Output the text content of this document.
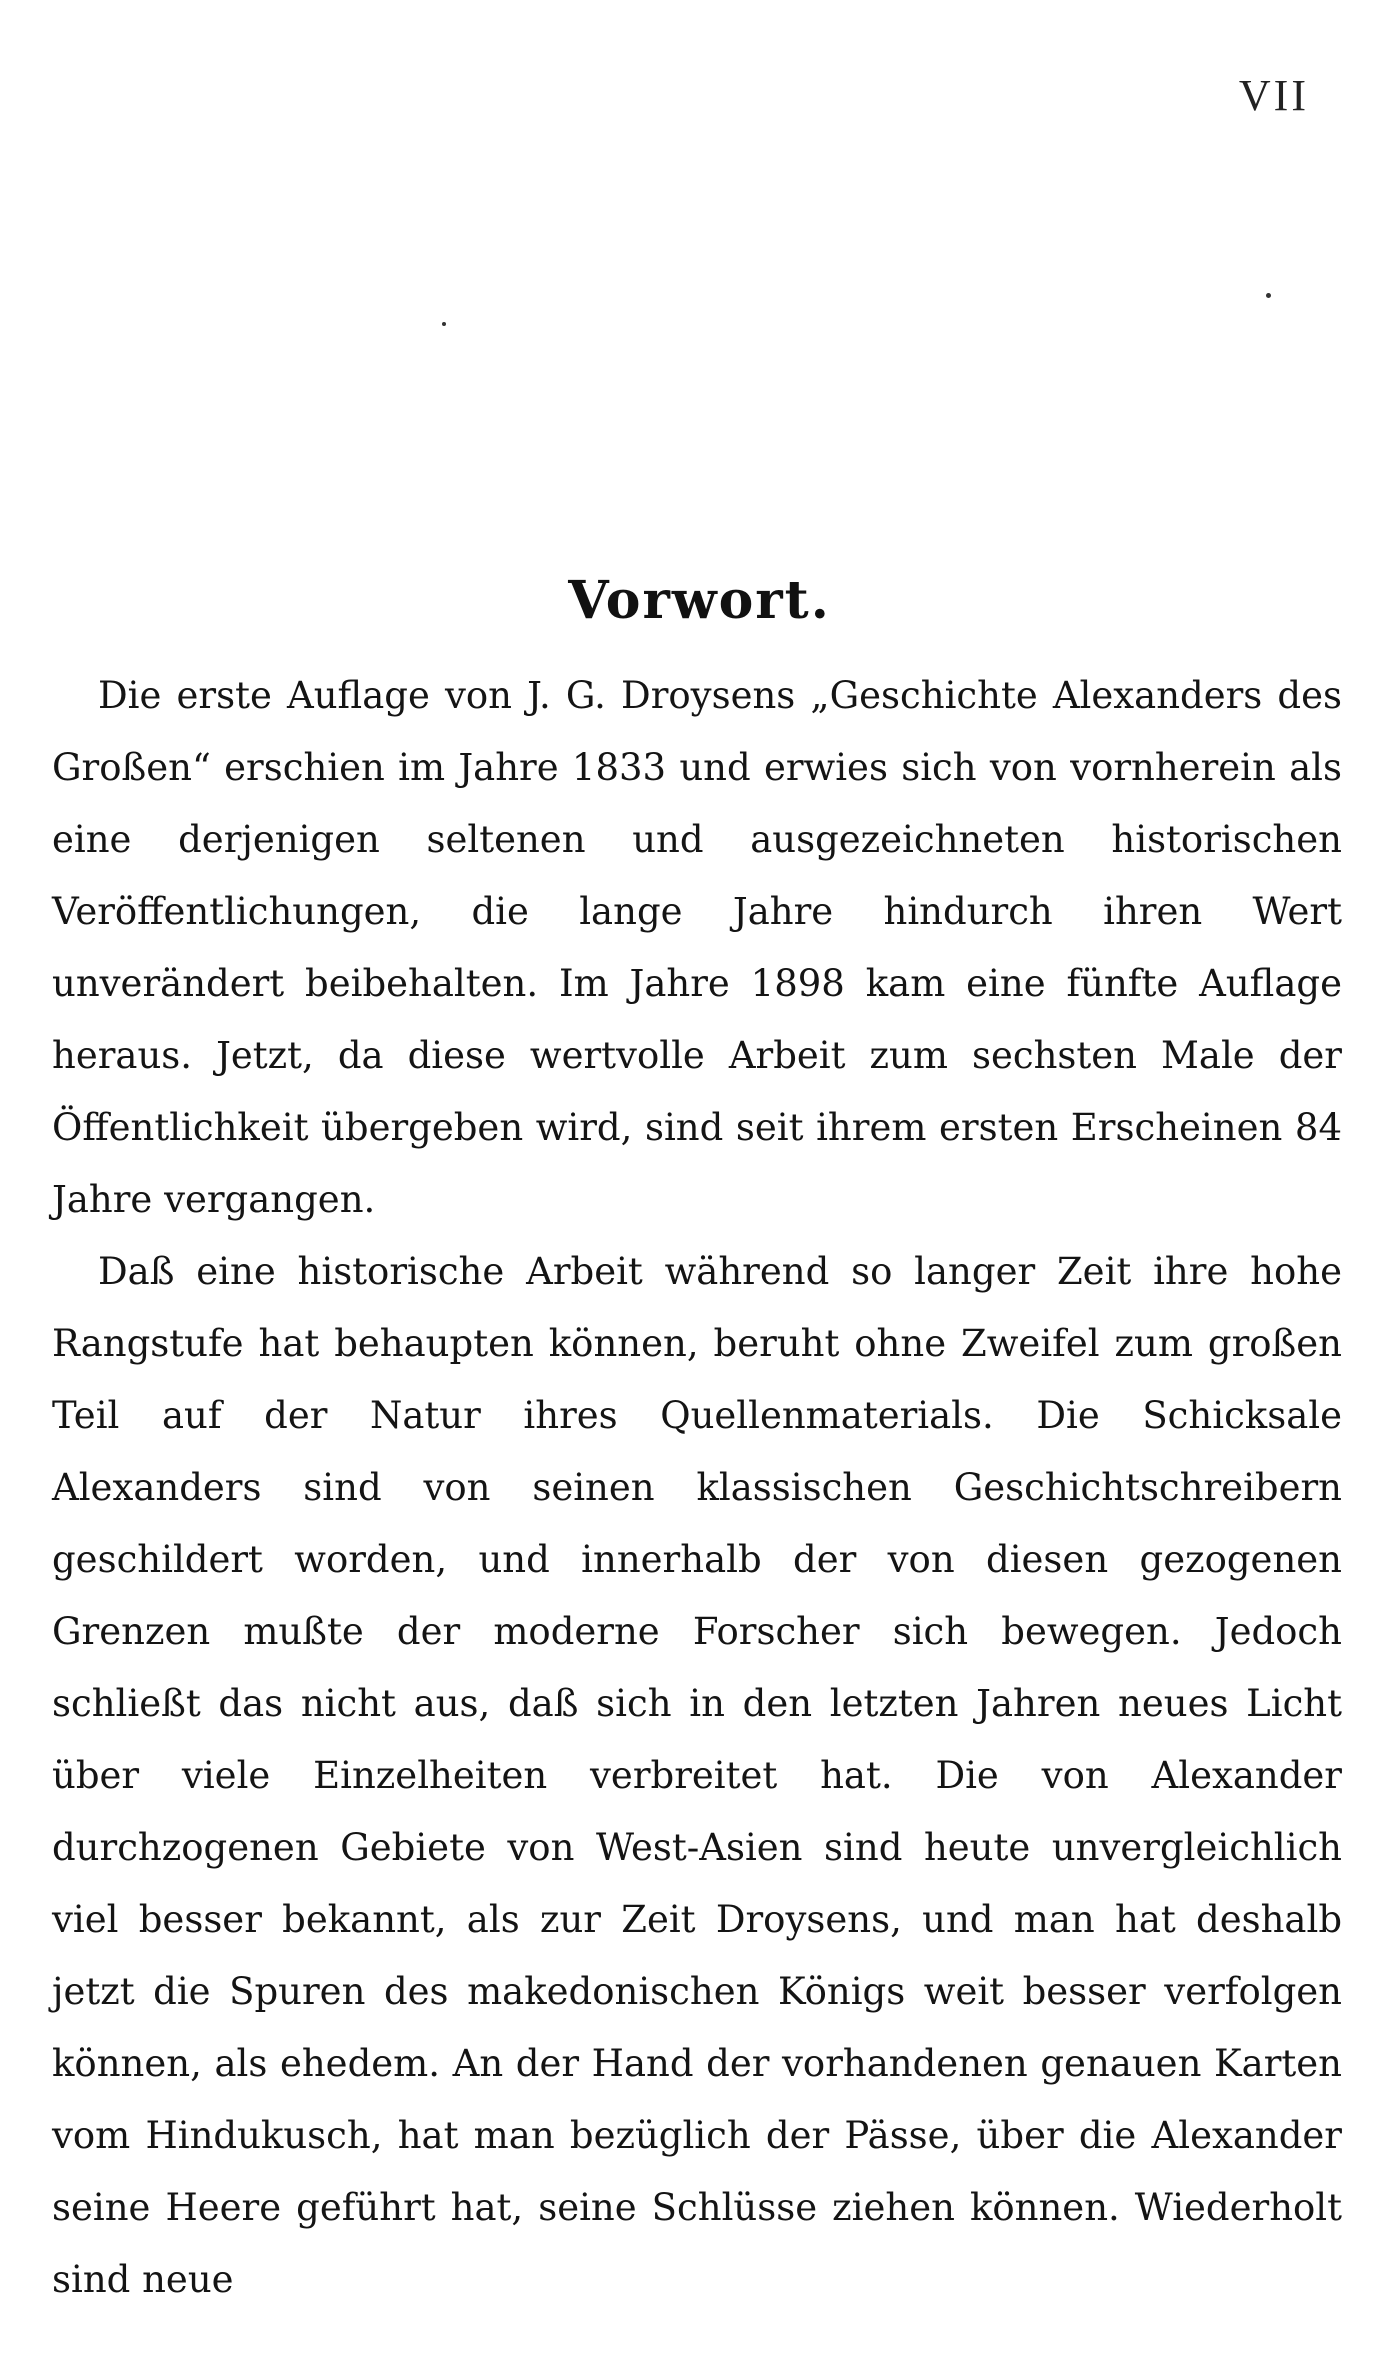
VII
Vorwort.

Die erste Auflage von J. G. Droysens „Geschichte Alexanders des Großen“ erschien im Jahre 1833 und erwies sich von vornherein als eine derjenigen seltenen und ausgezeichneten historischen Veröffentlichungen, die lange Jahre hindurch ihren Wert unverändert beibehalten. Im Jahre 1898 kam eine fünfte Auflage heraus. Jetzt, da diese wertvolle Arbeit zum sechsten Male der Öffentlichkeit übergeben wird, sind seit ihrem ersten Erscheinen 84 Jahre vergangen.

Daß eine historische Arbeit während so langer Zeit ihre hohe Rangstufe hat behaupten können, beruht ohne Zweifel zum großen Teil auf der Natur ihres Quellenmaterials. Die Schicksale Alexanders sind von seinen klassischen Geschichtschreibern geschildert worden, und innerhalb der von diesen gezogenen Grenzen mußte der moderne Forscher sich bewegen. Jedoch schließt das nicht aus, daß sich in den letzten Jahren neues Licht über viele Einzelheiten verbreitet hat. Die von Alexander durchzogenen Gebiete von West-Asien sind heute unvergleichlich viel besser bekannt, als zur Zeit Droysens, und man hat deshalb jetzt die Spuren des makedonischen Königs weit besser verfolgen können, als ehedem. An der Hand der vorhandenen genauen Karten vom Hindukusch, hat man bezüglich der Pässe, über die Alexander seine Heere geführt hat, seine Schlüsse ziehen können. Wiederholt sind neue
